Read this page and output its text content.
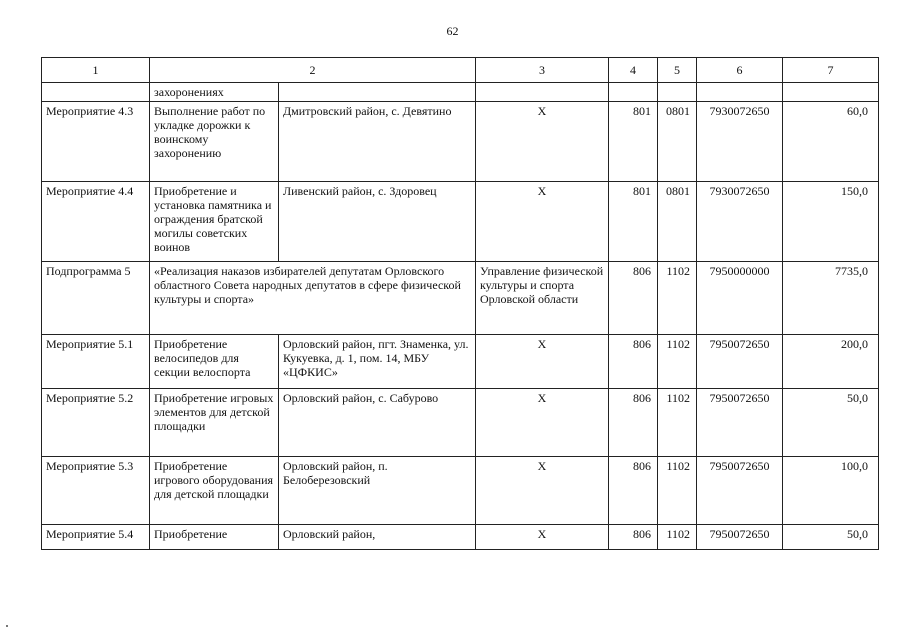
62
1	2		3	4	5	6	7
	захоронениях						
Мероприятие 4.3	Выполнение работ по укладке дорожки к воинскому захоронению	Дмитровский район, с. Девятино	Х	801	0801	7930072650	60,0
Мероприятие 4.4	Приобретение и установка памятника и ограждения братской могилы советских воинов	Ливенский район, с. Здоровец	Х	801	0801	7930072650	150,0
Подпрограмма 5	«Реализация наказов избирателей депутатам Орловского областного Совета народных депутатов в сфере физической культуры и спорта»		Управление физической культуры и спорта Орловской области	806	1102	7950000000	7735,0
Мероприятие 5.1	Приобретение велосипедов для секции велоспорта	Орловский район, пгт. Знаменка, ул. Кукуевка, д. 1, пом. 14, МБУ «ЦФКИС»	Х	806	1102	7950072650	200,0
Мероприятие 5.2	Приобретение игровых элементов для детской площадки	Орловский район, с. Сабурово	Х	806	1102	7950072650	50,0
Мероприятие 5.3	Приобретение игрового оборудования для детской площадки	Орловский район, п. Белоберезовский	Х	806	1102	7950072650	100,0
Мероприятие 5.4	Приобретение	Орловский район,	Х	806	1102	7950072650	50,0
